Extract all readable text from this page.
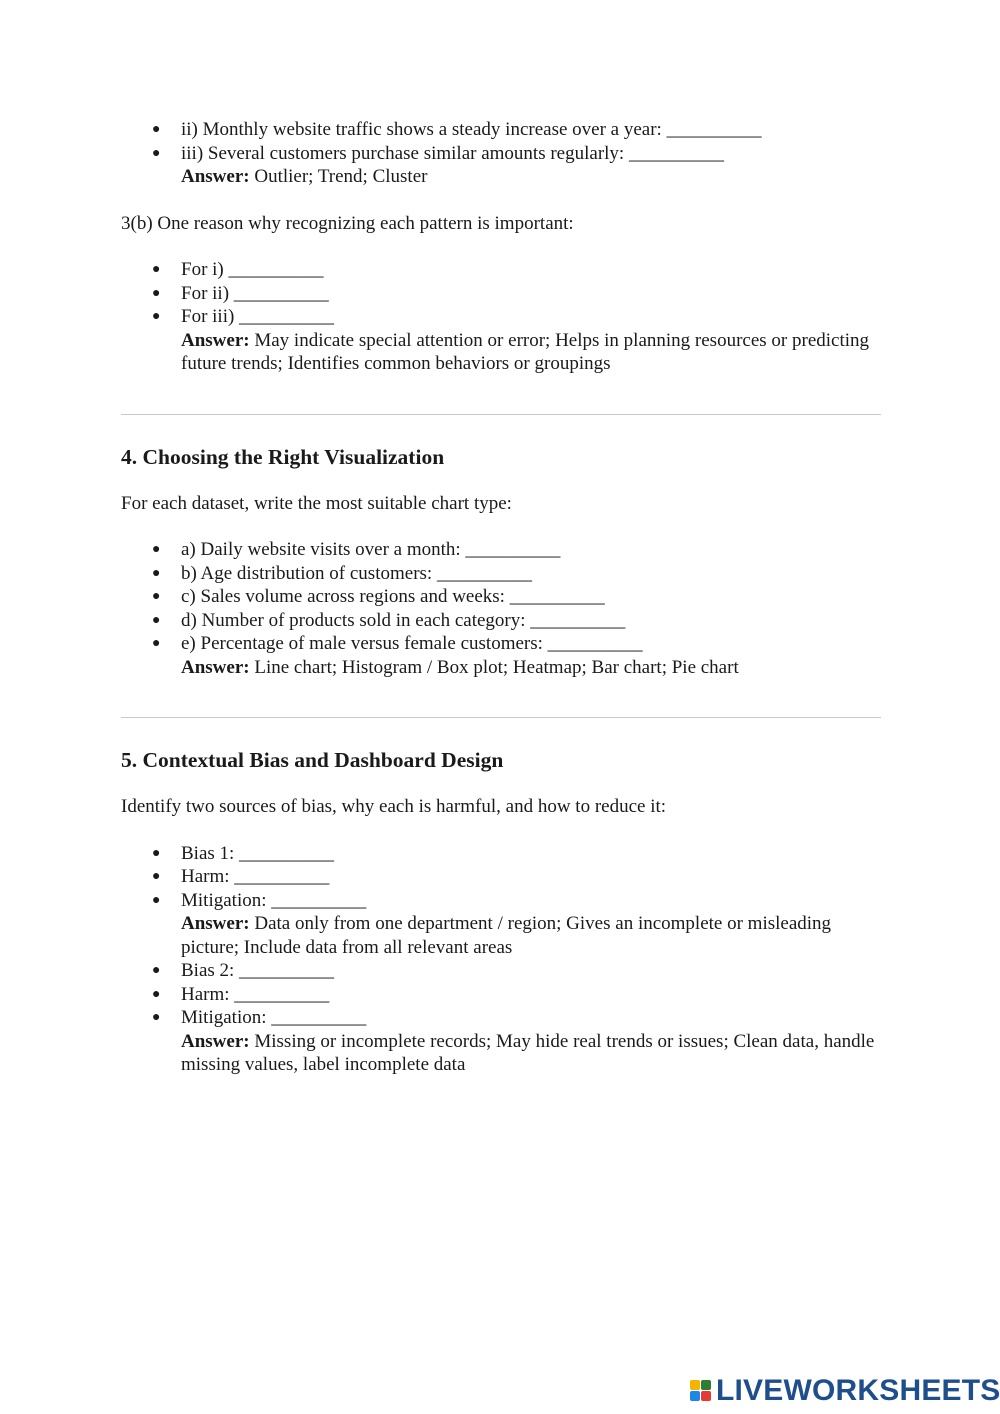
● ii) Monthly website traffic shows a steady increase over a year: __________
● iii) Several customers purchase similar amounts regularly: __________
Answer: Outlier; Trend; Cluster

3(b) One reason why recognizing each pattern is important:

● For i) __________
● For ii) __________
● For iii) __________
Answer: May indicate special attention or error; Helps in planning resources or predicting future trends; Identifies common behaviors or groupings
4. Choosing the Right Visualization

For each dataset, write the most suitable chart type:

● a) Daily website visits over a month: __________
● b) Age distribution of customers: __________
● c) Sales volume across regions and weeks: __________
● d) Number of products sold in each category: __________
● e) Percentage of male versus female customers: __________
Answer: Line chart; Histogram / Box plot; Heatmap; Bar chart; Pie chart
5. Contextual Bias and Dashboard Design

Identify two sources of bias, why each is harmful, and how to reduce it:

● Bias 1: __________
● Harm: __________
● Mitigation: __________
Answer: Data only from one department / region; Gives an incomplete or misleading picture; Include data from all relevant areas
● Bias 2: __________
● Harm: __________
● Mitigation: __________
Answer: Missing or incomplete records; May hide real trends or issues; Clean data, handle missing values, label incomplete data
LIVEWORKSHEETS
